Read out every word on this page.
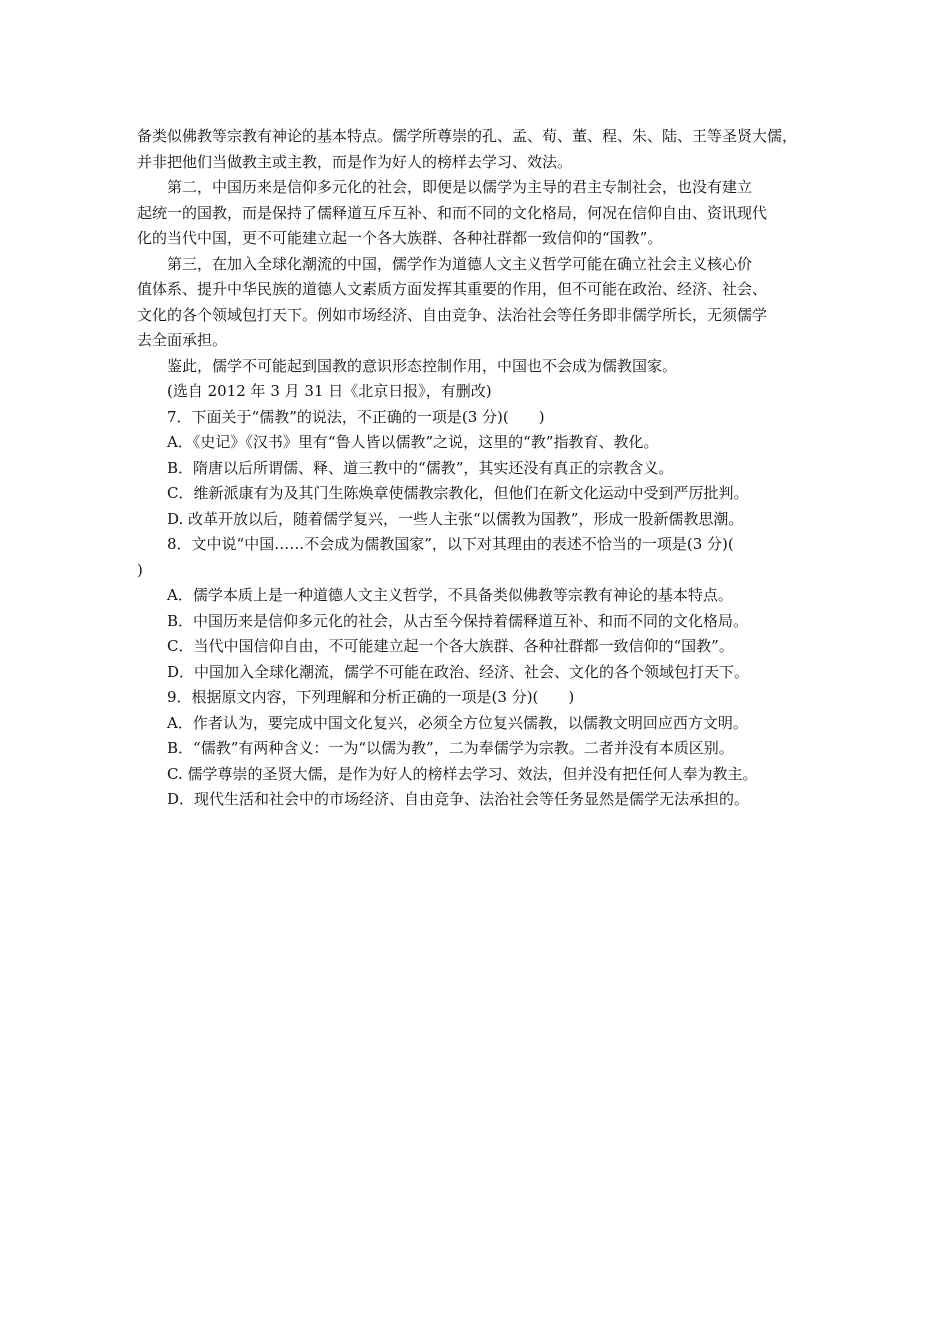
备类似佛教等宗教有神论的基本特点。儒学所尊崇的孔、孟、荀、董、程、朱、陆、王等圣贤大儒，
并非把他们当做教主或主教，而是作为好人的榜样去学习、效法。
第二，中国历来是信仰多元化的社会，即便是以儒学为主导的君主专制社会，也没有建立
起统一的国教，而是保持了儒释道互斥互补、和而不同的文化格局，何况在信仰自由、资讯现代
化的当代中国，更不可能建立起一个各大族群、各种社群都一致信仰的“国教”。
第三，在加入全球化潮流的中国，儒学作为道德人文主义哲学可能在确立社会主义核心价
值体系、提升中华民族的道德人文素质方面发挥其重要的作用，但不可能在政治、经济、社会、
文化的各个领域包打天下。例如市场经济、自由竞争、法治社会等任务即非儒学所长，无须儒学
去全面承担。

鉴此，儒学不可能起到国教的意识形态控制作用，中国也不会成为儒教国家。

(选自 2012 年 3 月 31 日《北京日报》，有删改)

7．下面关于“儒教”的说法，不正确的一项是(3 分)(　　)

A．《史记》《汉书》里有“鲁人皆以儒教”之说，这里的“教”指教育、教化。

B．隋唐以后所谓儒、释、道三教中的“儒教”，其实还没有真正的宗教含义。

C．维新派康有为及其门生陈焕章使儒教宗教化，但他们在新文化运动中受到严厉批判。

D. 改革开放以后，随着儒学复兴，一些人主张“以儒教为国教”，形成一股新儒教思潮。

8．文中说“中国……不会成为儒教国家”，以下对其理由的表述不恰当的一项是(3 分)(

)

A．儒学本质上是一种道德人文主义哲学，不具备类似佛教等宗教有神论的基本特点。

B．中国历来是信仰多元化的社会，从古至今保持着儒释道互补、和而不同的文化格局。

C．当代中国信仰自由，不可能建立起一个各大族群、各种社群都一致信仰的“国教”。

D．中国加入全球化潮流，儒学不可能在政治、经济、社会、文化的各个领域包打天下。

9．根据原文内容，下列理解和分析正确的一项是(3 分)(　　)

A．作者认为，要完成中国文化复兴，必须全方位复兴儒教，以儒教文明回应西方文明。

B．“儒教”有两种含义：一为“以儒为教”，二为奉儒学为宗教。二者并没有本质区别。

C. 儒学尊崇的圣贤大儒，是作为好人的榜样去学习、效法，但并没有把任何人奉为教主。

D．现代生活和社会中的市场经济、自由竞争、法治社会等任务显然是儒学无法承担的。
